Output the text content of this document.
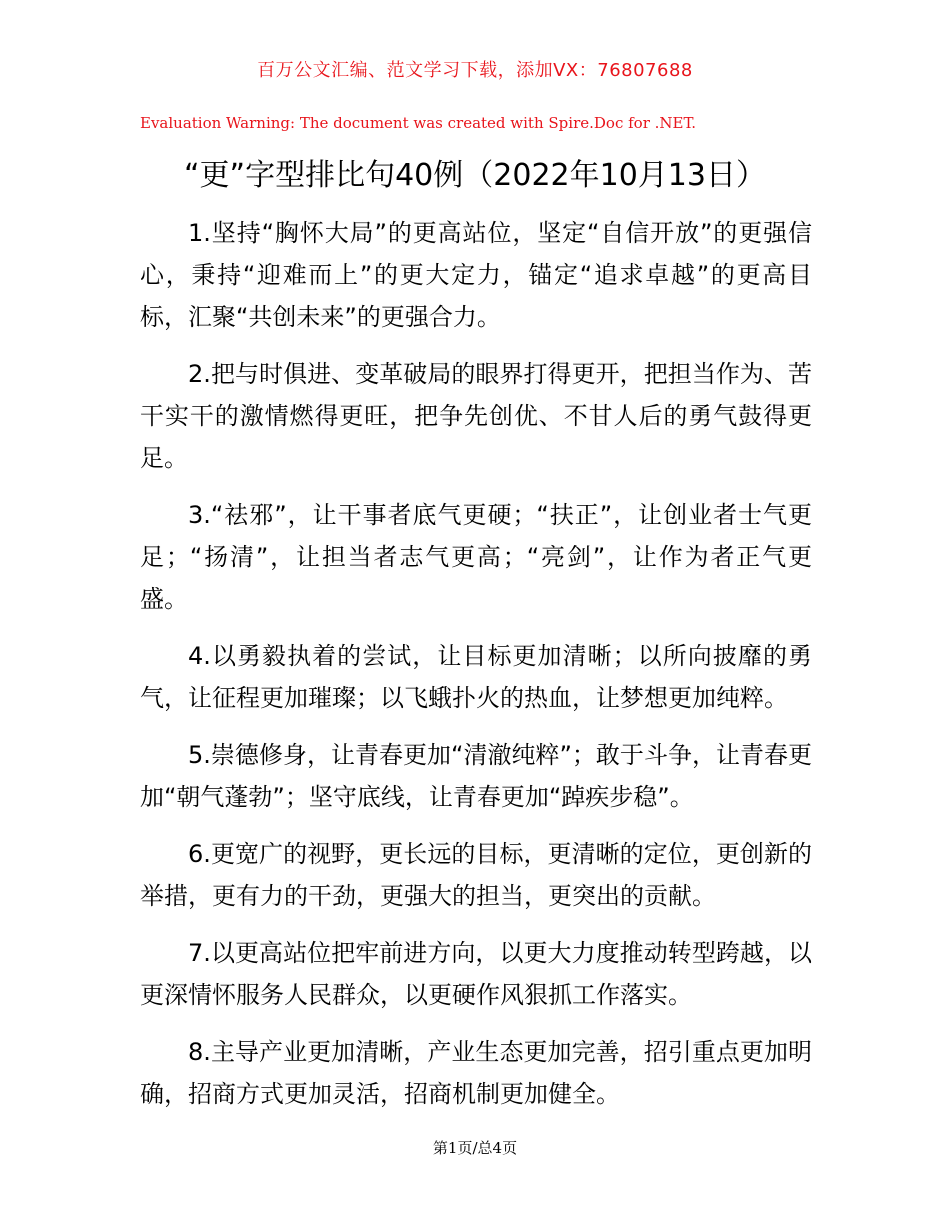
百万公文汇编、范文学习下载，添加VX：76807688
Evaluation Warning: The document was created with Spire.Doc for .NET.
“更”字型排比句40例（2022年10月13日）

1.坚持“胸怀大局”的更高站位，坚定“自信开放”的更强信心，秉持“迎难而上”的更大定力，锚定“追求卓越”的更高目标，汇聚“共创未来”的更强合力。

2.把与时俱进、变革破局的眼界打得更开，把担当作为、苦干实干的激情燃得更旺，把争先创优、不甘人后的勇气鼓得更足。

3.“祛邪”，让干事者底气更硬；“扶正”，让创业者士气更足；“扬清”，让担当者志气更高；“亮剑”，让作为者正气更盛。

4.以勇毅执着的尝试，让目标更加清晰；以所向披靡的勇气，让征程更加璀璨；以飞蛾扑火的热血，让梦想更加纯粹。

5.崇德修身，让青春更加“清澈纯粹”；敢于斗争，让青春更加“朝气蓬勃”；坚守底线，让青春更加“踔疾步稳”。

6.更宽广的视野，更长远的目标，更清晰的定位，更创新的举措，更有力的干劲，更强大的担当，更突出的贡献。

7.以更高站位把牢前进方向，以更大力度推动转型跨越，以更深情怀服务人民群众，以更硬作风狠抓工作落实。

8.主导产业更加清晰，产业生态更加完善，招引重点更加明确，招商方式更加灵活，招商机制更加健全。

第1页/总4页
